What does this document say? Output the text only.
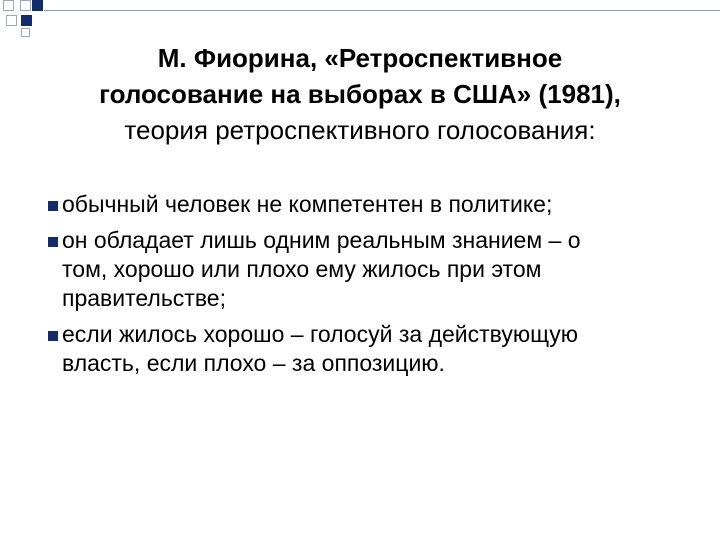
М. Фиорина, «Ретроспективное
голосование на выборах в США» (1981),
теория ретроспективного голосования:
обычный человек не компетентен в политике;
он обладает лишь одним реальным знанием – о том, хорошо или плохо ему жилось при этом правительстве;
если жилось хорошо – голосуй за действующую власть, если плохо – за оппозицию.
